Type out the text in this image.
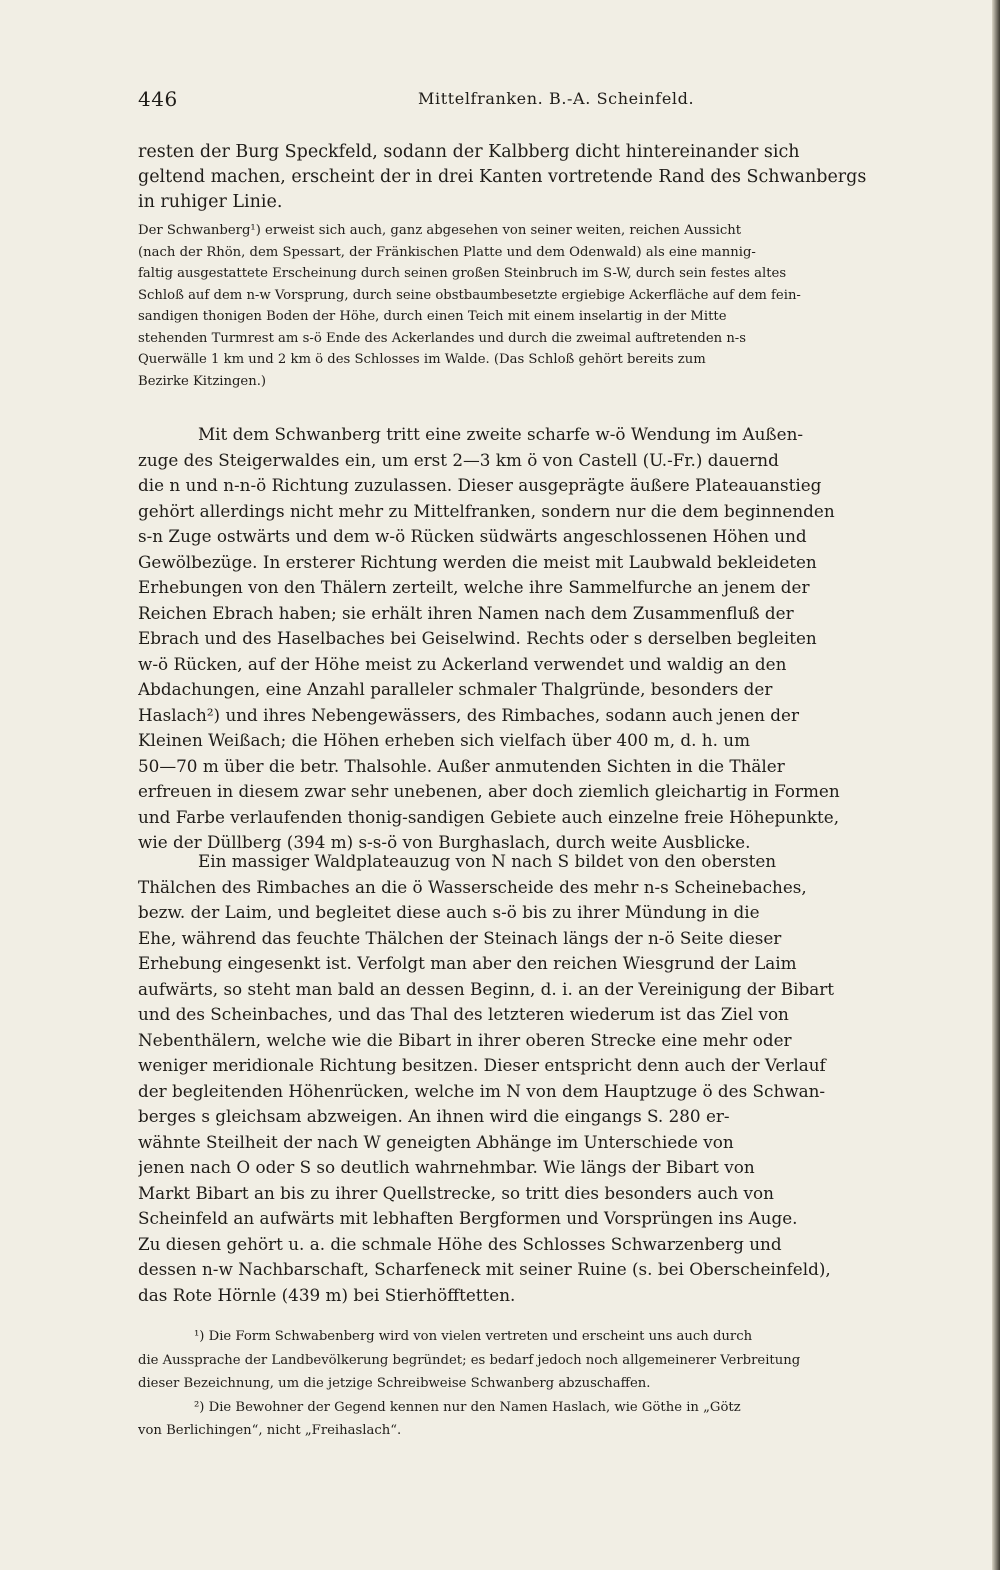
446	Mittelfranken. B.-A. Scheinfeld.
resten der Burg Speckfeld, sodann der Kalbberg dicht hintereinander sich
geltend machen, erscheint der in drei Kanten vortretende Rand des Schwanbergs
in ruhiger Linie.
Der Schwanberg¹) erweist sich auch, ganz abgesehen von seiner weiten, reichen Aussicht
(nach der Rhön, dem Spessart, der Fränkischen Platte und dem Odenwald) als eine mannig-
faltig ausgestattete Erscheinung durch seinen großen Steinbruch im S-W, durch sein festes altes
Schloß auf dem n-w Vorsprung, durch seine obstbaumbesetzte ergiebige Ackerfläche auf dem fein-
sandigen thonigen Boden der Höhe, durch einen Teich mit einem inselartig in der Mitte
stehenden Turmrest am s-ö Ende des Ackerlandes und durch die zweimal auftretenden n-s
Querwälle 1 km und 2 km ö des Schlosses im Walde. (Das Schloß gehört bereits zum
Bezirke Kitzingen.)
Mit dem Schwanberg tritt eine zweite scharfe w-ö Wendung im Außen-
zuge des Steigerwaldes ein, um erst 2—3 km ö von Castell (U.-Fr.) dauernd
die n und n-n-ö Richtung zuzulassen. Dieser ausgeprägte äußere Plateauanstieg
gehört allerdings nicht mehr zu Mittelfranken, sondern nur die dem beginnenden
s-n Zuge ostwärts und dem w-ö Rücken südwärts angeschlossenen Höhen und
Gewölbezüge. In ersterer Richtung werden die meist mit Laubwald bekleideten
Erhebungen von den Thälern zerteilt, welche ihre Sammelfurche an jenem der
Reichen Ebrach haben; sie erhält ihren Namen nach dem Zusammenfluß der
Ebrach und des Haselbaches bei Geiselwind. Rechts oder s derselben begleiten
w-ö Rücken, auf der Höhe meist zu Ackerland verwendet und waldig an den
Abdachungen, eine Anzahl paralleler schmaler Thalgründe, besonders der
Haslach²) und ihres Nebengewässers, des Rimbaches, sodann auch jenen der
Kleinen Weißach; die Höhen erheben sich vielfach über 400 m, d. h. um
50—70 m über die betr. Thalsohle. Außer anmutenden Sichten in die Thäler
erfreuen in diesem zwar sehr unebenen, aber doch ziemlich gleichartig in Formen
und Farbe verlaufenden thonig-sandigen Gebiete auch einzelne freie Höhepunkte,
wie der Düllberg (394 m) s-s-ö von Burghaslach, durch weite Ausblicke.
Ein massiger Waldplateauzug von N nach S bildet von den obersten
Thälchen des Rimbaches an die ö Wasserscheide des mehr n-s Scheinebaches,
bezw. der Laim, und begleitet diese auch s-ö bis zu ihrer Mündung in die
Ehe, während das feuchte Thälchen der Steinach längs der n-ö Seite dieser
Erhebung eingesenkt ist. Verfolgt man aber den reichen Wiesgrund der Laim
aufwärts, so steht man bald an dessen Beginn, d. i. an der Vereinigung der Bibart
und des Scheinbaches, und das Thal des letzteren wiederum ist das Ziel von
Nebenthälern, welche wie die Bibart in ihrer oberen Strecke eine mehr oder
weniger meridionale Richtung besitzen. Dieser entspricht denn auch der Verlauf
der begleitenden Höhenrücken, welche im N von dem Hauptzuge ö des Schwan-
berges s gleichsam abzweigen. An ihnen wird die eingangs S. 280 er-
wähnte Steilheit der nach W geneigten Abhänge im Unterschiede von
jenen nach O oder S so deutlich wahrnehmbar. Wie längs der Bibart von
Markt Bibart an bis zu ihrer Quellstrecke, so tritt dies besonders auch von
Scheinfeld an aufwärts mit lebhaften Bergformen und Vorsprüngen ins Auge.
Zu diesen gehört u. a. die schmale Höhe des Schlosses Schwarzenberg und
dessen n-w Nachbarschaft, Scharfeneck mit seiner Ruine (s. bei Oberscheinfeld),
das Rote Hörnle (439 m) bei Stierhöfftetten.
¹) Die Form Schwabenberg wird von vielen vertreten und erscheint uns auch durch
die Aussprache der Landbevölkerung begründet; es bedarf jedoch noch allgemeinerer Verbreitung
dieser Bezeichnung, um die jetzige Schreibweise Schwanberg abzuschaffen.
²) Die Bewohner der Gegend kennen nur den Namen Haslach, wie Göthe in „Götz
von Berlichingen“, nicht „Freihaslach“.
